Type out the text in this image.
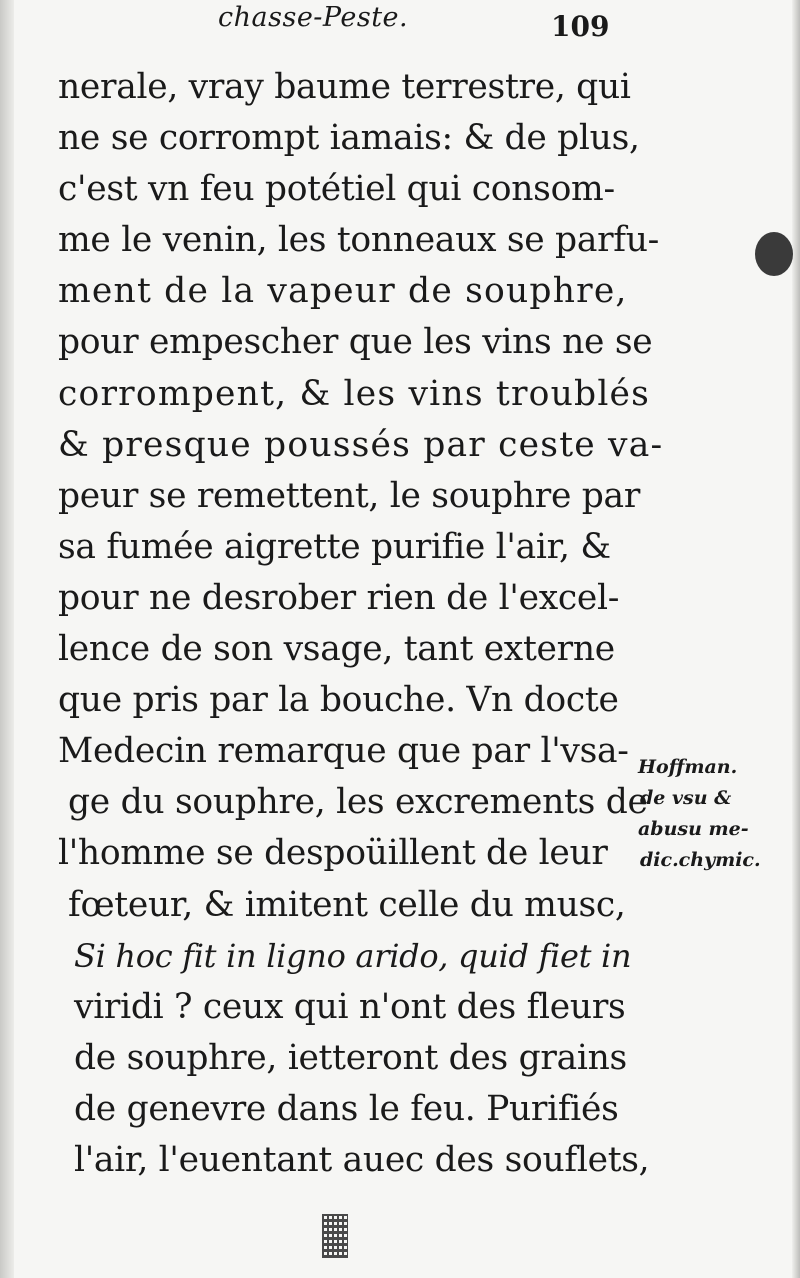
chasse-Peste.	109
nerale, vray baume terrestre, qui
ne se corrompt iamais: & de plus,
c'est vn feu potétiel qui consom-
me le venin, les tonneaux se parfu-
ment de la vapeur de souphre,
pour empescher que les vins ne se
corrompent, & les vins troublés
& presque poussés par ceste va-
peur se remettent, le souphre par
sa fumée aigrette purifie l'air, &
pour ne desrober rien de l'excel-
lence de son vsage, tant externe
que pris par la bouche. Vn docte
Medecin remarque que par l'vsa-
ge du souphre, les excrements de
l'homme se despoüillent de leur
fœteur, & imitent celle du musc,
Si hoc fit in ligno arido, quid fiet in
viridi ? ceux qui n'ont des fleurs
de souphre, ietteront des grains
de genevre dans le feu. Purifiés
l'air, l'euentant auec des souflets,
Hoffman.
de vsu &
abusu me-
dic.chymic.
